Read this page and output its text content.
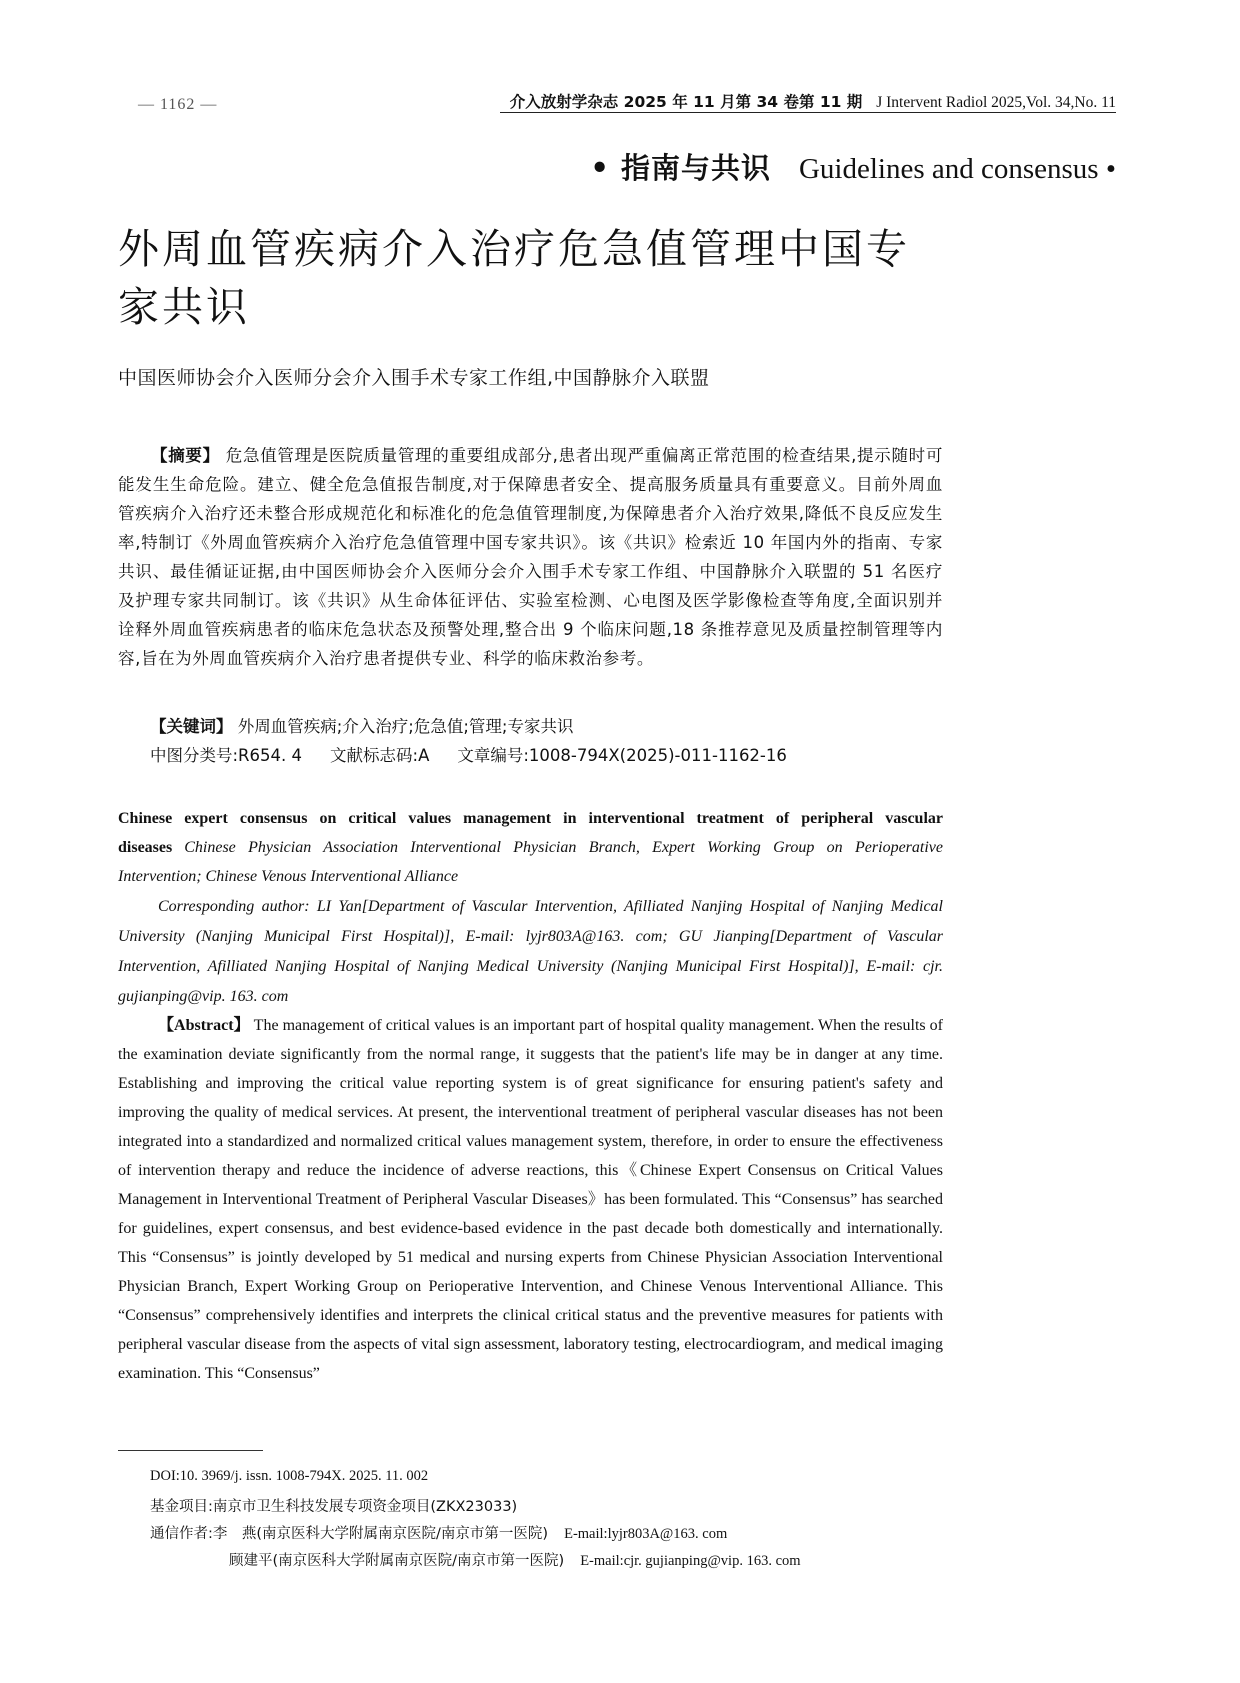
— 1162 —	介入放射学杂志 2025 年 11 月第 34 卷第 11 期 J Intervent Radiol 2025,Vol. 34,No. 11
• 指南与共识 Guidelines and consensus •
外周血管疾病介入治疗危急值管理中国专家共识
中国医师协会介入医师分会介入围手术专家工作组,中国静脉介入联盟

【摘要】 危急值管理是医院质量管理的重要组成部分,患者出现严重偏离正常范围的检查结果,提示随时可能发生生命危险。建立、健全危急值报告制度,对于保障患者安全、提高服务质量具有重要意义。目前外周血管疾病介入治疗还未整合形成规范化和标准化的危急值管理制度,为保障患者介入治疗效果,降低不良反应发生率,特制订《外周血管疾病介入治疗危急值管理中国专家共识》。该《共识》检索近 10 年国内外的指南、专家共识、最佳循证证据,由中国医师协会介入医师分会介入围手术专家工作组、中国静脉介入联盟的 51 名医疗及护理专家共同制订。该《共识》从生命体征评估、实验室检测、心电图及医学影像检查等角度,全面识别并诠释外周血管疾病患者的临床危急状态及预警处理,整合出 9 个临床问题,18 条推荐意见及质量控制管理等内容,旨在为外周血管疾病介入治疗患者提供专业、科学的临床救治参考。

【关键词】 外周血管疾病;介入治疗;危急值;管理;专家共识
中图分类号:R654. 4 文献标志码:A 文章编号:1008-794X(2025)-011-1162-16

Chinese expert consensus on critical values management in interventional treatment of peripheral vascular diseases Chinese Physician Association Interventional Physician Branch, Expert Working Group on Perioperative Intervention; Chinese Venous Interventional Alliance

Corresponding author: LI Yan[Department of Vascular Intervention, Afilliated Nanjing Hospital of Nanjing Medical University (Nanjing Municipal First Hospital)], E-mail: lyjr803A@163. com; GU Jianping[Department of Vascular Intervention, Afilliated Nanjing Hospital of Nanjing Medical University (Nanjing Municipal First Hospital)], E-mail: cjr. gujianping@vip. 163. com

【Abstract】 The management of critical values is an important part of hospital quality management. When the results of the examination deviate significantly from the normal range, it suggests that the patient's life may be in danger at any time. Establishing and improving the critical value reporting system is of great significance for ensuring patient's safety and improving the quality of medical services. At present, the interventional treatment of peripheral vascular diseases has not been integrated into a standardized and normalized critical values management system, therefore, in order to ensure the effectiveness of intervention therapy and reduce the incidence of adverse reactions, this《Chinese Expert Consensus on Critical Values Management in Interventional Treatment of Peripheral Vascular Diseases》has been formulated. This “Consensus” has searched for guidelines, expert consensus, and best evidence-based evidence in the past decade both domestically and internationally. This “Consensus” is jointly developed by 51 medical and nursing experts from Chinese Physician Association Interventional Physician Branch, Expert Working Group on Perioperative Intervention, and Chinese Venous Interventional Alliance. This “Consensus” comprehensively identifies and interprets the clinical critical status and the preventive measures for patients with peripheral vascular disease from the aspects of vital sign assessment, laboratory testing, electrocardiogram, and medical imaging examination. This “Consensus”

DOI:10. 3969/j. issn. 1008-794X. 2025. 11. 002
基金项目:南京市卫生科技发展专项资金项目(ZKX23033)
通信作者:李　燕(南京医科大学附属南京医院/南京市第一医院) E-mail:lyjr803A@163. com
顾建平(南京医科大学附属南京医院/南京市第一医院) E-mail:cjr. gujianping@vip. 163. com
